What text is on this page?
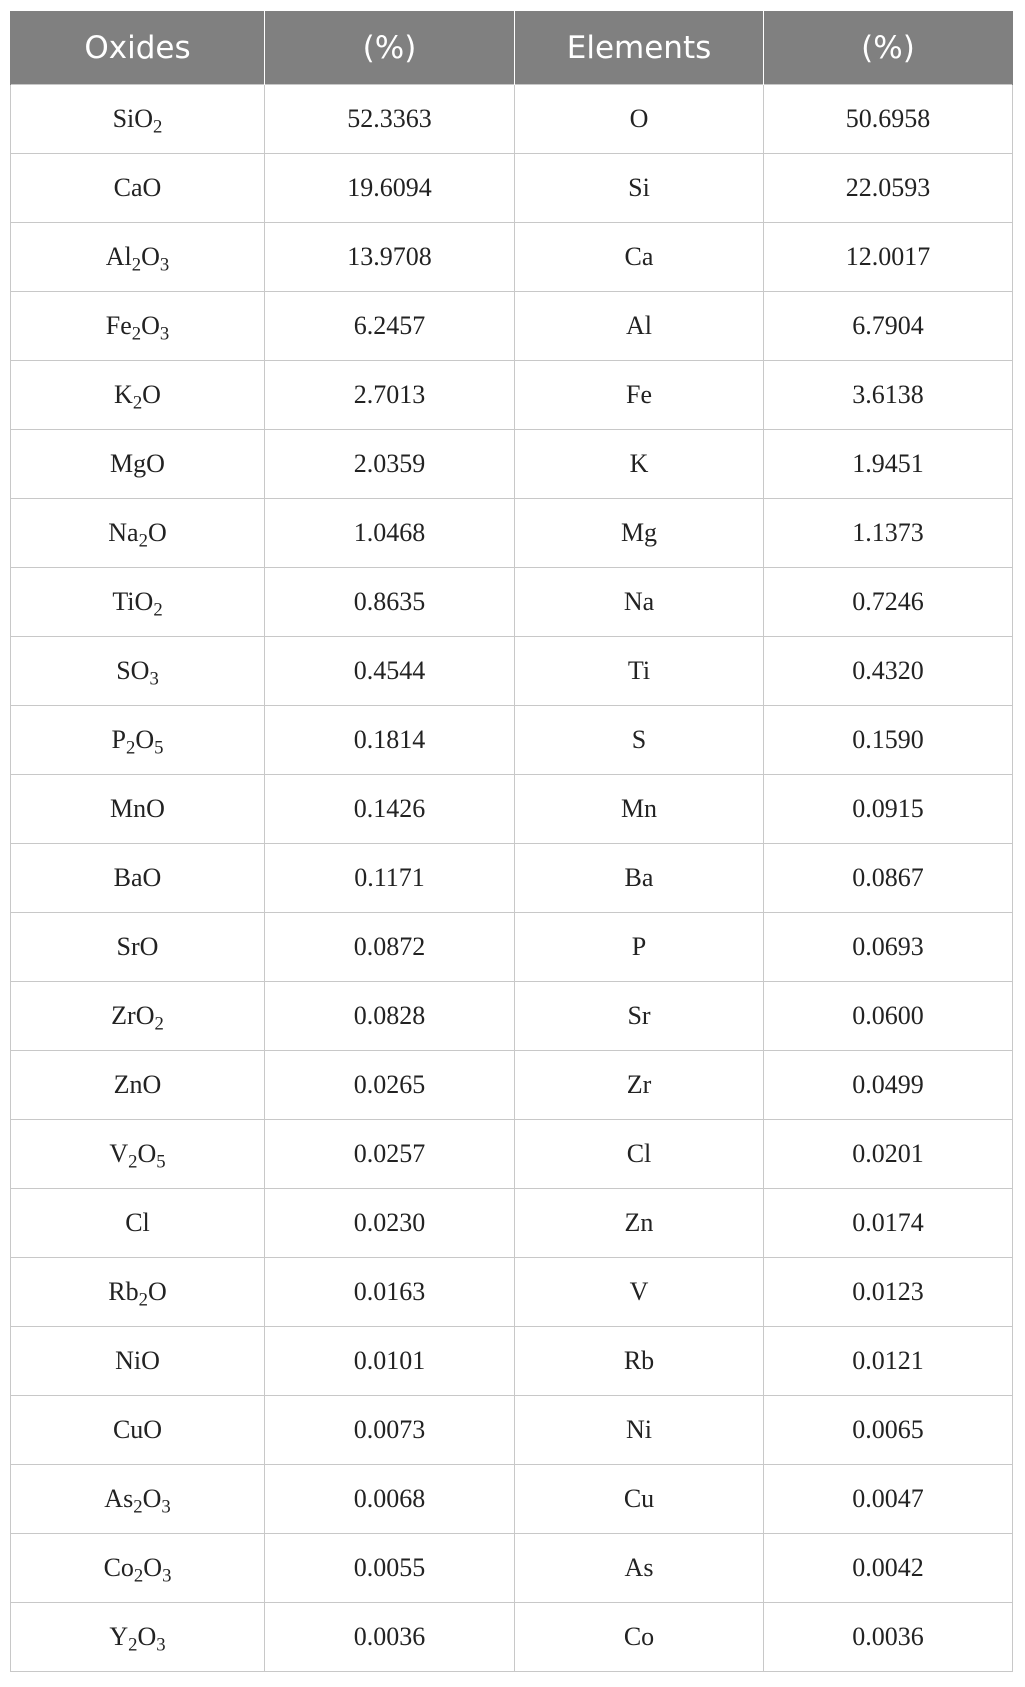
Oxides	(%)	Elements	(%)
SiO$_2$	52.3363	O	50.6958
CaO	19.6094	Si	22.0593
$Al_2O_3$	13.9708	Ca	12.0017
$Fe_2O_3$	6.2457	Al	6.7904
$K_2O$	2.7013	Fe	3.6138
MgO	2.0359	K	1.9451
$Na_2O$	1.0468	Mg	1.1373
TiO$_2$	0.8635	Na	0.7246
$SO_3$	0.4544	Ti	0.4320
$P_2O_5$	0.1814	S	0.1590
MnO	0.1426	Mn	0.0915
BaO	0.1171	Ba	0.0867
SrO	0.0872	P	0.0693
ZrO$_2$	0.0828	Sr	0.0600
ZnO	0.0265	Zr	0.0499
$V_2O_5$	0.0257	Cl	0.0201
Cl	0.0230	Zn	0.0174
$Rb_2O$	0.0163	V	0.0123
NiO	0.0101	Rb	0.0121
CuO	0.0073	Ni	0.0065
$As_2O_3$	0.0068	Cu	0.0047
$Co_2O_3$	0.0055	As	0.0042
$Y_2O_3$	0.0036	Co	0.0036
